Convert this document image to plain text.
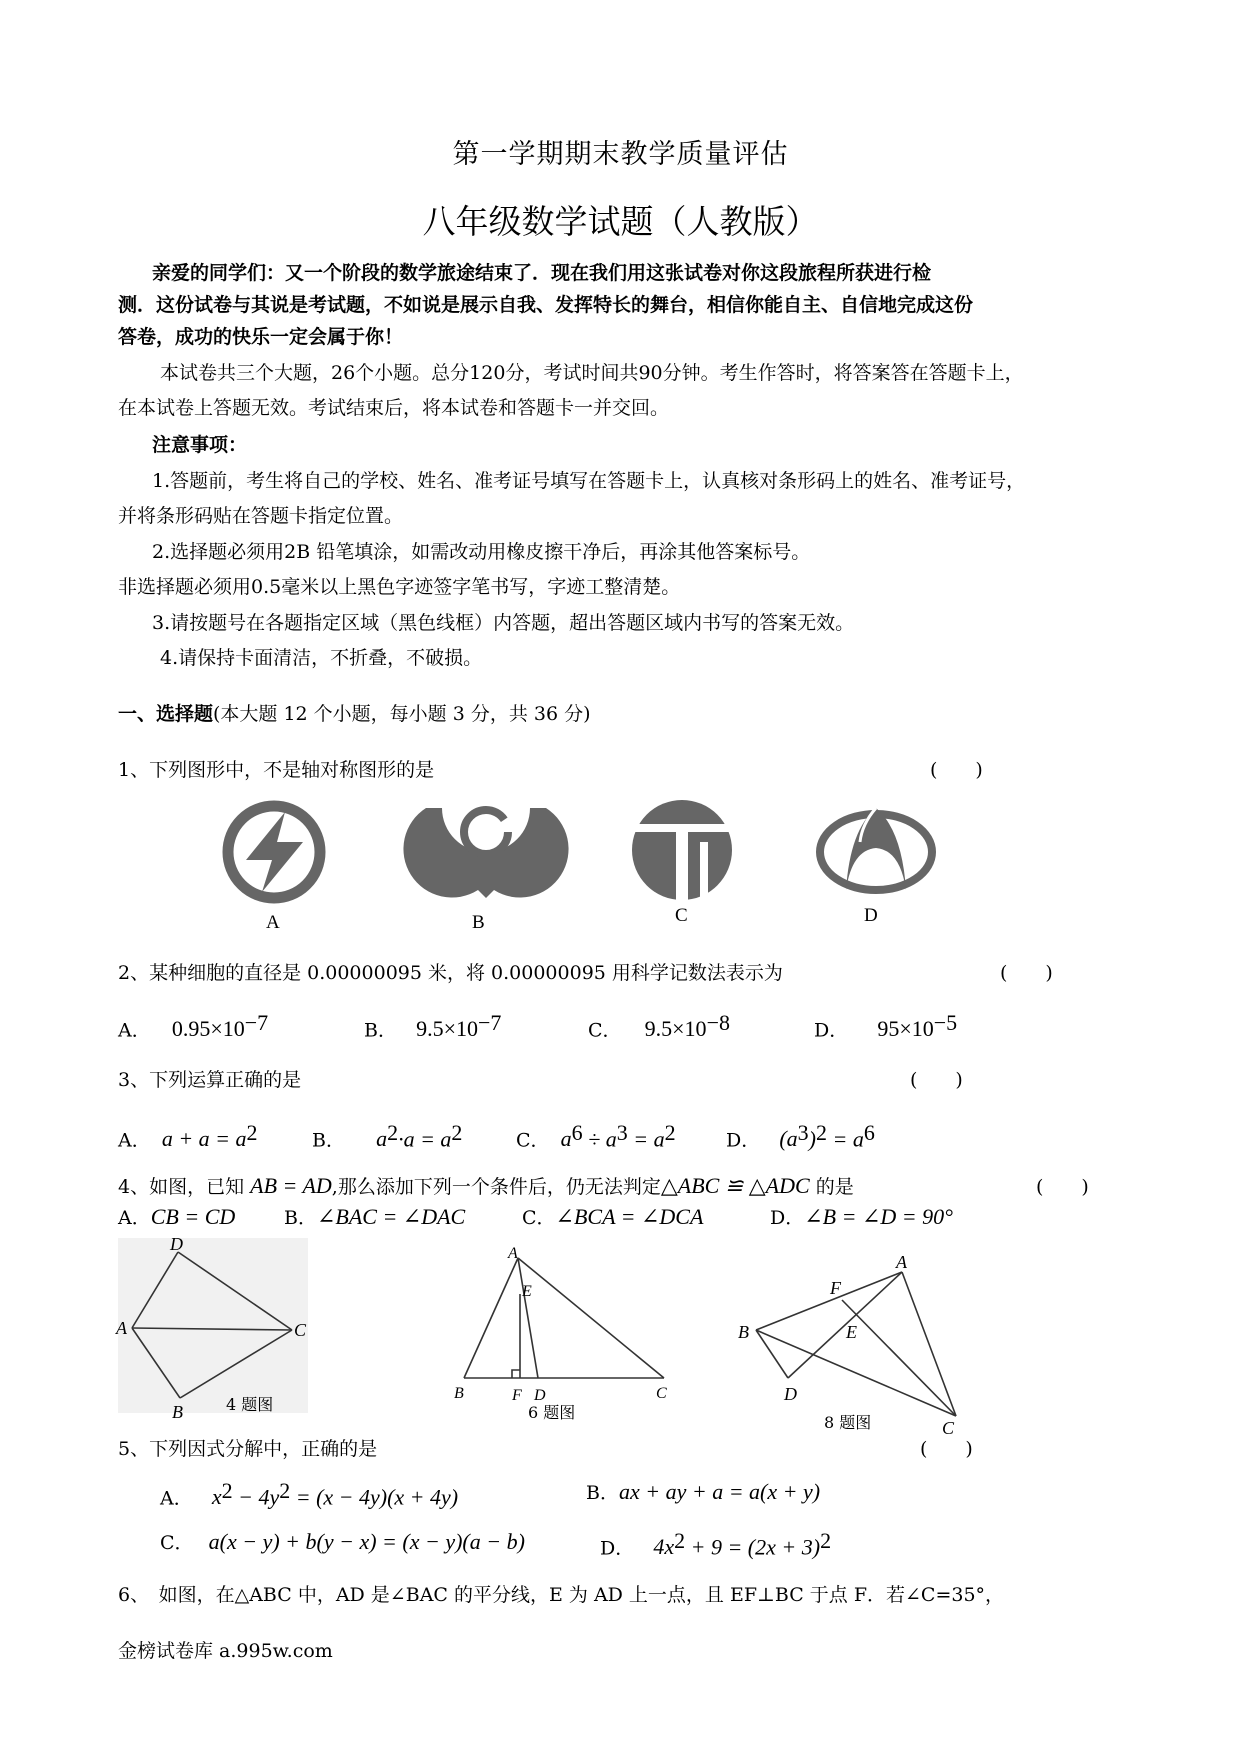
第一学期期末教学质量评估
八年级数学试题（人教版）
亲爱的同学们：又一个阶段的数学旅途结束了．现在我们用这张试卷对你这段旅程所获进行检
测．这份试卷与其说是考试题，不如说是展示自我、发挥特长的舞台，相信你能自主、自信地完成这份
答卷，成功的快乐一定会属于你！
本试卷共三个大题，26个小题。总分120分，考试时间共90分钟。考生作答时，将答案答在答题卡上，
在本试卷上答题无效。考试结束后，将本试卷和答题卡一并交回。
注意事项：
1.答题前，考生将自己的学校、姓名、准考证号填写在答题卡上，认真核对条形码上的姓名、准考证号，
并将条形码贴在答题卡指定位置。
2.选择题必须用2B 铅笔填涂，如需改动用橡皮擦干净后，再涂其他答案标号。
非选择题必须用0.5毫米以上黑色字迹签字笔书写，字迹工整清楚。
3.请按题号在各题指定区域（黑色线框）内答题，超出答题区域内书写的答案无效。
4.请保持卡面清洁，不折叠，不破损。
一、选择题(本大题 12 个小题，每小题 3 分，共 36 分)
1、下列图形中，不是轴对称图形的是	(　　)
A	B	C	D
2、某种细胞的直径是 0.00000095 米，将 0.00000095 用科学记数法表示为	(　　)
A． $0.95\times 10^{-7}$	B． $9.5\times 10^{-7}$	C． $9.5\times 10^{-8}$	D． $95\times 10^{-5}$
3、下列运算正确的是	(　　)
A． $a + a = a^2$	B． $a^2\cdot a = a^2$	C． $a^6 \div a^3 = a^2$	D． $(a^3)^2 = a^6$
4、如图，已知 AB = AD,那么添加下列一个条件后，仍无法判定△ABC ≌ △ADC 的是	(　　)
A．CB = CD	B．∠BAC = ∠DAC	C．∠BCA = ∠DCA	D．∠B = ∠D = 90°
D
A	C
B
A
E
B	F D	C
F
A
B	E
D
C
4 题图	6 题图
8 题图
5、下列因式分解中，正确的是	(　　)
A． $x^2 - 4y^2 = (x - 4y)(x + 4y)$	B．ax + ay + a = a(x + y)
C． a(x − y) + b(y − x) = (x − y)(a − b)	D． $4x^2 + 9 = (2x + 3)^2$
6、　如图，在△ABC 中，AD 是∠BAC 的平分线，E 为 AD 上一点，且 EF⊥BC 于点 F．若∠C=35°，
金榜试卷库 a.995w.com
